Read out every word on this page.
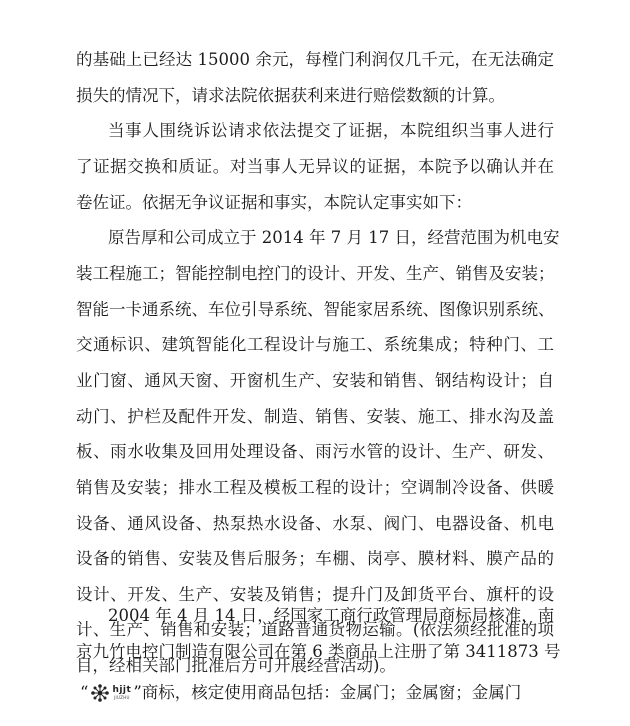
的基础上已经达 15000 余元，每樘门利润仅几千元，在无法确定
损失的情况下，请求法院依据获利来进行赔偿数额的计算。
当事人围绕诉讼请求依法提交了证据，本院组织当事人进行
了证据交换和质证。对当事人无异议的证据，本院予以确认并在
卷佐证。依据无争议证据和事实，本院认定事实如下：
原告厚和公司成立于 2014 年 7 月 17 日，经营范围为机电安
装工程施工；智能控制电控门的设计、开发、生产、销售及安装；
智能一卡通系统、车位引导系统、智能家居系统、图像识别系统、
交通标识、建筑智能化工程设计与施工、系统集成；特种门、工
业门窗、通风天窗、开窗机生产、安装和销售、钢结构设计；自
动门、护栏及配件开发、制造、销售、安装、施工、排水沟及盖
板、雨水收集及回用处理设备、雨污水管的设计、生产、研发、
销售及安装；排水工程及模板工程的设计；空调制冷设备、供暖
设备、通风设备、热泵热水设备、水泵、阀门、电器设备、机电
设备的销售、安装及售后服务；车棚、岗亭、膜材料、膜产品的
设计、开发、生产、安装及销售；提升门及卸货平台、旗杆的设
计、生产、销售和安装；道路普通货物运输。(依法须经批准的项
目，经相关部门批准后方可开展经营活动)。
2004 年 4 月 14 日，经国家工商行政管理局商标局核准，南
京九竹电控门制造有限公司在第 6 类商品上注册了第 3411873 号
“	hjjt
JIUZHU ” 商标，核定使用商品包括：金属门；金属窗；金属门
